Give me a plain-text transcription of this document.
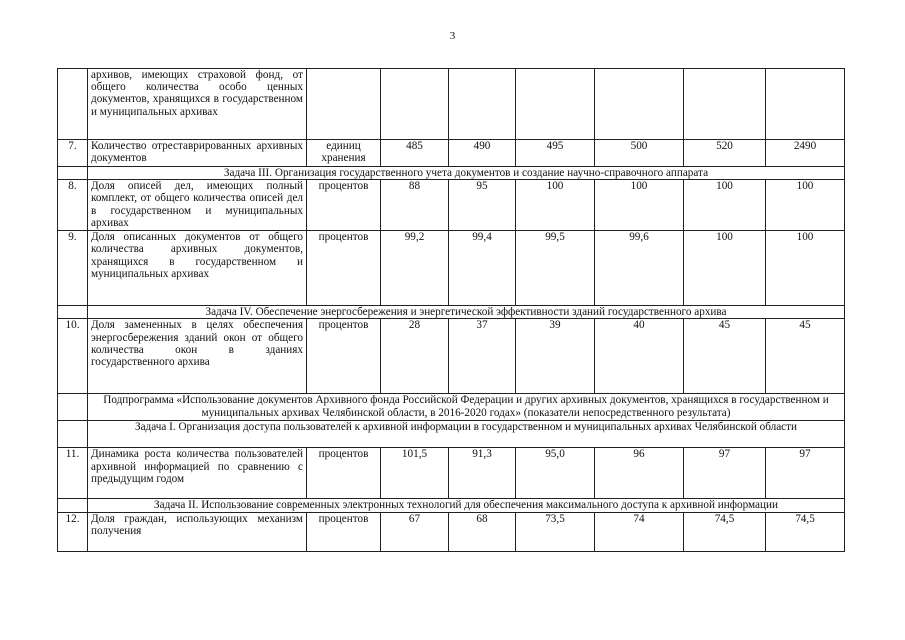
3
	архивов, имеющих страховой фонд, от общего количества особо ценных документов, хранящихся в государственном и муниципальных архивах							
7.	Количество отреставрированных архивных документов	единиц хранения	485	490	495	500	520	2490
	Задача III. Организация государственного учета документов и создание научно-справочного аппарата							
8.	Доля описей дел, имеющих полный комплект, от общего количества описей дел в государственном и муниципальных архивах	процентов	88	95	100	100	100	100
9.	Доля описанных документов от общего количества архивных документов, хранящихся в государственном и муниципальных архивах	процентов	99,2	99,4	99,5	99,6	100	100
	Задача IV. Обеспечение энергосбережения и энергетической эффективности зданий государственного архива							
10.	Доля замененных в целях обеспечения энергосбережения зданий окон от общего количества окон в зданиях государственного архива	процентов	28	37	39	40	45	45
	Подпрограмма «Использование документов Архивного фонда Российской Федерации и других архивных документов, хранящихся в государственном и муниципальных архивах Челябинской области, в 2016-2020 годах» (показатели непосредственного результата)							
	Задача I. Организация доступа пользователей к архивной информации в государственном и муниципальных архивах Челябинской области							
11.	Динамика роста количества пользователей архивной информацией по сравнению с предыдущим годом	процентов	101,5	91,3	95,0	96	97	97
	Задача II. Использование современных электронных технологий для обеспечения максимального доступа к архивной информации							
12.	Доля граждан, использующих механизм получения	процентов	67	68	73,5	74	74,5	74,5
